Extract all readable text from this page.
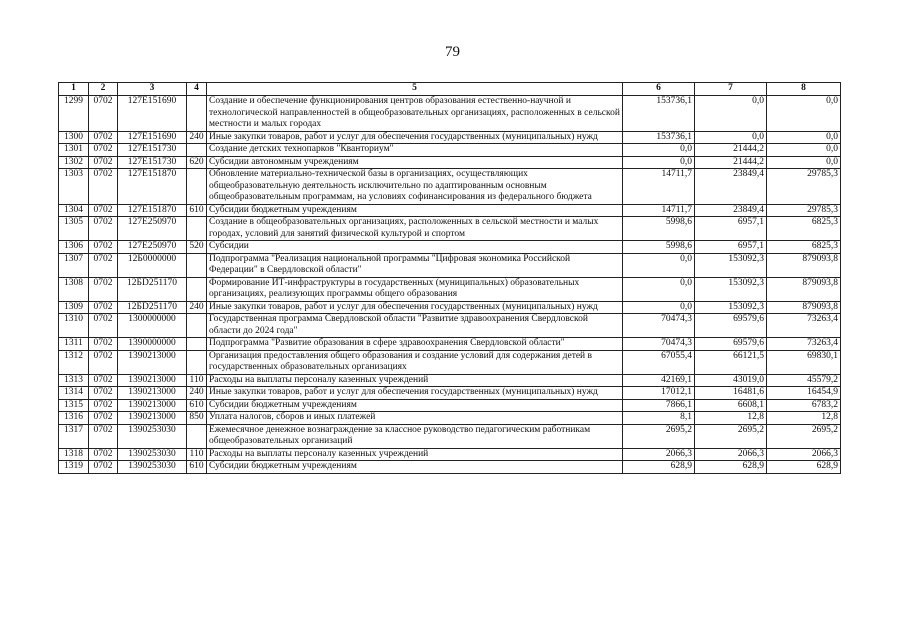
79
1	2	3	4	5	6	7	8
1299	0702	127E151690		Создание и обеспечение функционирования центров образования естественно-научной и технологической направленностей в общеобразовательных организациях, расположенных в сельской местности и малых городах	153736,1	0,0	0,0
1300	0702	127E151690	240	Иные закупки товаров, работ и услуг для обеспечения государственных (муниципальных) нужд	153736,1	0,0	0,0
1301	0702	127E151730		Создание детских технопарков "Кванториум"	0,0	21444,2	0,0
1302	0702	127E151730	620	Субсидии автономным учреждениям	0,0	21444,2	0,0
1303	0702	127E151870		Обновление материально-технической базы в организациях, осуществляющих общеобразовательную деятельность исключительно по адаптированным основным общеобразовательным программам, на условиях софинансирования из федерального бюджета	14711,7	23849,4	29785,3
1304	0702	127E151870	610	Субсидии бюджетным учреждениям	14711,7	23849,4	29785,3
1305	0702	127E250970		Создание в общеобразовательных организациях, расположенных в сельской местности и малых городах, условий для занятий физической культурой и спортом	5998,6	6957,1	6825,3
1306	0702	127E250970	520	Субсидии	5998,6	6957,1	6825,3
1307	0702	12Б0000000		Подпрограмма "Реализация национальной программы "Цифровая экономика Российской Федерации" в Свердловской области"	0,0	153092,3	879093,8
1308	0702	12БD251170		Формирование ИТ-инфраструктуры в государственных (муниципальных) образовательных организациях, реализующих программы общего образования	0,0	153092,3	879093,8
1309	0702	12БD251170	240	Иные закупки товаров, работ и услуг для обеспечения государственных (муниципальных) нужд	0,0	153092,3	879093,8
1310	0702	1300000000		Государственная программа Свердловской области "Развитие здравоохранения Свердловской области до 2024 года"	70474,3	69579,6	73263,4
1311	0702	1390000000		Подпрограмма "Развитие образования в сфере здравоохранения Свердловской области"	70474,3	69579,6	73263,4
1312	0702	1390213000		Организация предоставления общего образования и создание условий для содержания детей в государственных образовательных организациях	67055,4	66121,5	69830,1
1313	0702	1390213000	110	Расходы на выплаты персоналу казенных учреждений	42169,1	43019,0	45579,2
1314	0702	1390213000	240	Иные закупки товаров, работ и услуг для обеспечения государственных (муниципальных) нужд	17012,1	16481,6	16454,9
1315	0702	1390213000	610	Субсидии бюджетным учреждениям	7866,1	6608,1	6783,2
1316	0702	1390213000	850	Уплата налогов, сборов и иных платежей	8,1	12,8	12,8
1317	0702	1390253030		Ежемесячное денежное вознаграждение за классное руководство педагогическим работникам общеобразовательных организаций	2695,2	2695,2	2695,2
1318	0702	1390253030	110	Расходы на выплаты персоналу казенных учреждений	2066,3	2066,3	2066,3
1319	0702	1390253030	610	Субсидии бюджетным учреждениям	628,9	628,9	628,9
